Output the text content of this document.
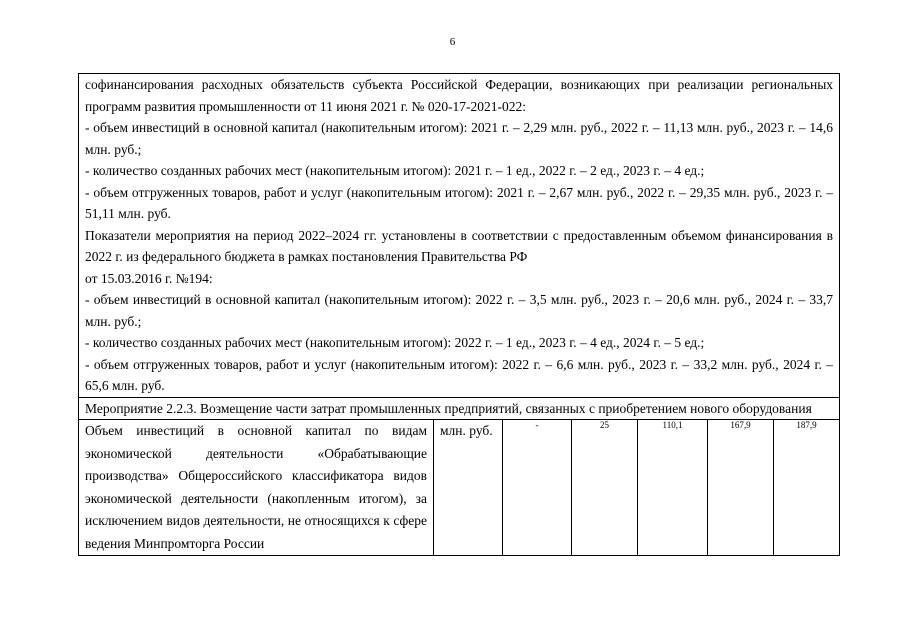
6

софинансирования расходных обязательств субъекта Российской Федерации, возникающих при реализации региональных программ развития промышленности от 11 июня 2021 г. № 020-17-2021-022:

- объем инвестиций в основной капитал (накопительным итогом): 2021 г. – 2,29 млн. руб., 2022 г. – 11,13 млн. руб., 2023 г. – 14,6 млн. руб.;

- количество созданных рабочих мест (накопительным итогом): 2021 г. – 1 ед., 2022 г. – 2 ед., 2023 г. – 4 ед.;

- объем отгруженных товаров, работ и услуг (накопительным итогом): 2021 г. – 2,67 млн. руб., 2022 г. – 29,35 млн. руб., 2023 г. – 51,11 млн. руб.

Показатели мероприятия на период 2022–2024 гг. установлены в соответствии с предоставленным объемом финансирования в 2022 г. из федерального бюджета в рамках постановления Правительства РФ

от 15.03.2016 г. №194:

- объем инвестиций в основной капитал (накопительным итогом): 2022 г. – 3,5 млн. руб., 2023 г. – 20,6 млн. руб., 2024 г. – 33,7 млн. руб.;

- количество созданных рабочих мест (накопительным итогом): 2022 г. – 1 ед., 2023 г. – 4 ед., 2024 г. – 5 ед.;

- объем отгруженных товаров, работ и услуг (накопительным итогом): 2022 г. – 6,6 млн. руб., 2023 г. – 33,2 млн. руб., 2024 г. – 65,6 млн. руб.

Мероприятие 2.2.3. Возмещение части затрат промышленных предприятий, связанных с приобретением нового оборудования
Объем инвестиций в основной капитал по видам экономической деятельности «Обрабатывающие производства» Общероссийского классификатора видов экономической деятельности (накопленным итогом), за исключением видов деятельности, не относящихся к сфере ведения Минпромторга России	млн. руб.	-	25	110,1	167,9	187,9
